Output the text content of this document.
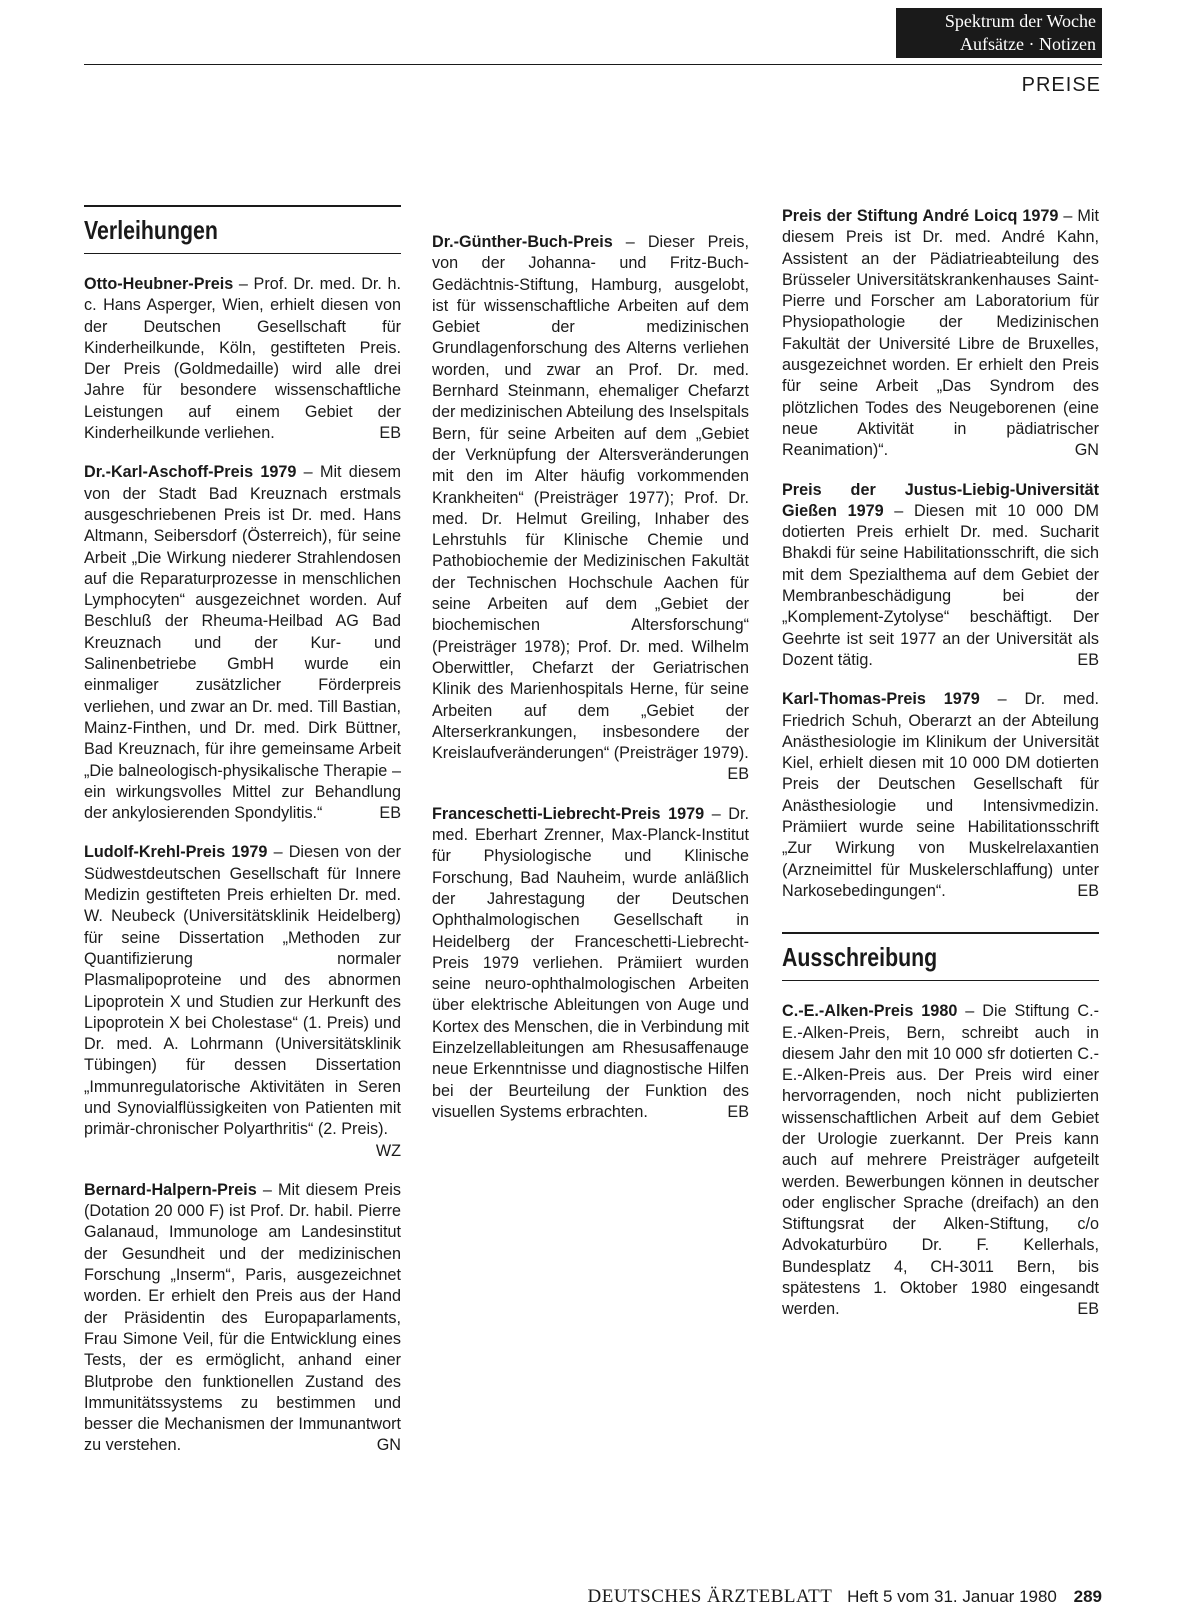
Spektrum der Woche
Aufsätze · Notizen
PREISE
Verleihungen

Otto-Heubner-Preis – Prof. Dr. med. Dr. h. c. Hans Asperger, Wien, erhielt diesen von der Deutschen Gesellschaft für Kinderheilkunde, Köln, gestifteten Preis. Der Preis (Goldmedaille) wird alle drei Jahre für besondere wissenschaftliche Leistungen auf einem Gebiet der Kinderheilkunde verliehen.	EB

Dr.-Karl-Aschoff-Preis 1979 – Mit diesem von der Stadt Bad Kreuznach erstmals ausgeschriebenen Preis ist Dr. med. Hans Altmann, Seibersdorf (Österreich), für seine Arbeit „Die Wirkung niederer Strahlendosen auf die Reparaturprozesse in menschlichen Lymphocyten“ ausgezeichnet worden. Auf Beschluß der Rheuma-Heilbad AG Bad Kreuznach und der Kur- und Salinenbetriebe GmbH wurde ein einmaliger zusätzlicher Förderpreis verliehen, und zwar an Dr. med. Till Bastian, Mainz-Finthen, und Dr. med. Dirk Büttner, Bad Kreuznach, für ihre gemeinsame Arbeit „Die balneologisch-physikalische Therapie – ein wirkungsvolles Mittel zur Behandlung der ankylosierenden Spondylitis.“	EB

Ludolf-Krehl-Preis 1979 – Diesen von der Südwestdeutschen Gesellschaft für Innere Medizin gestifteten Preis erhielten Dr. med. W. Neubeck (Universitätsklinik Heidelberg) für seine Dissertation „Methoden zur Quantifizierung normaler Plasmalipoproteine und des abnormen Lipoprotein X und Studien zur Herkunft des Lipoprotein X bei Cholestase“ (1. Preis) und Dr. med. A. Lohrmann (Universitätsklinik Tübingen) für dessen Dissertation „Immunregulatorische Aktivitäten in Seren und Synovialflüssigkeiten von Patienten mit primär-chronischer Polyarthritis“ (2. Preis).
WZ

Bernard-Halpern-Preis – Mit diesem Preis (Dotation 20 000 F) ist Prof. Dr. habil. Pierre Galanaud, Immunologe am Landesinstitut der Gesundheit und der medizinischen Forschung „Inserm“, Paris, ausgezeichnet worden. Er erhielt den Preis aus der Hand der Präsidentin des Europaparlaments, Frau Simone Veil, für die Entwicklung eines Tests, der es ermöglicht, anhand einer Blutprobe den funktionellen Zustand des Immunitätssystems zu bestimmen und besser die Mechanismen der Immunantwort zu verstehen.	GN

Dr.-Günther-Buch-Preis – Dieser Preis, von der Johanna- und Fritz-Buch-Gedächtnis-Stiftung, Hamburg, ausgelobt, ist für wissenschaftliche Arbeiten auf dem Gebiet der medizinischen Grundlagenforschung des Alterns verliehen worden, und zwar an Prof. Dr. med. Bernhard Steinmann, ehemaliger Chefarzt der medizinischen Abteilung des Inselspitals Bern, für seine Arbeiten auf dem „Gebiet der Verknüpfung der Altersveränderungen mit den im Alter häufig vorkommenden Krankheiten“ (Preisträger 1977); Prof. Dr. med. Dr. Helmut Greiling, Inhaber des Lehrstuhls für Klinische Chemie und Pathobiochemie der Medizinischen Fakultät der Technischen Hochschule Aachen für seine Arbeiten auf dem „Gebiet der biochemischen Altersforschung“ (Preisträger 1978); Prof. Dr. med. Wilhelm Oberwittler, Chefarzt der Geriatrischen Klinik des Marienhospitals Herne, für seine Arbeiten auf dem „Gebiet der Alterserkrankungen, insbesondere der Kreislaufveränderungen“ (Preisträger 1979).
EB

Franceschetti-Liebrecht-Preis 1979 – Dr. med. Eberhart Zrenner, Max-Planck-Institut für Physiologische und Klinische Forschung, Bad Nauheim, wurde anläßlich der Jahrestagung der Deutschen Ophthalmologischen Gesellschaft in Heidelberg der Franceschetti-Liebrecht-Preis 1979 verliehen. Prämiiert wurden seine neuro-ophthalmologischen Arbeiten über elektrische Ableitungen von Auge und Kortex des Menschen, die in Verbindung mit Einzelzellableitungen am Rhesusaffenauge neue Erkenntnisse und diagnostische Hilfen bei der Beurteilung der Funktion des visuellen Systems erbrachten.	EB

Preis der Stiftung André Loicq 1979 – Mit diesem Preis ist Dr. med. André Kahn, Assistent an der Pädiatrieabteilung des Brüsseler Universitätskrankenhauses Saint-Pierre und Forscher am Laboratorium für Physiopathologie der Medizinischen Fakultät der Université Libre de Bruxelles, ausgezeichnet worden. Er erhielt den Preis für seine Arbeit „Das Syndrom des plötzlichen Todes des Neugeborenen (eine neue Aktivität in pädiatrischer Reanimation)“.	GN

Preis der Justus-Liebig-Universität Gießen 1979 – Diesen mit 10 000 DM dotierten Preis erhielt Dr. med. Sucharit Bhakdi für seine Habilitationsschrift, die sich mit dem Spezialthema auf dem Gebiet der Membranbeschädigung bei der „Komplement-Zytolyse“ beschäftigt. Der Geehrte ist seit 1977 an der Universität als Dozent tätig.	EB

Karl-Thomas-Preis 1979 – Dr. med. Friedrich Schuh, Oberarzt an der Abteilung Anästhesiologie im Klinikum der Universität Kiel, erhielt diesen mit 10 000 DM dotierten Preis der Deutschen Gesellschaft für Anästhesiologie und Intensivmedizin. Prämiiert wurde seine Habilitationsschrift „Zur Wirkung von Muskelrelaxantien (Arzneimittel für Muskelerschlaffung) unter Narkosebedingungen“.	EB

Ausschreibung

C.-E.-Alken-Preis 1980 – Die Stiftung C.-E.-Alken-Preis, Bern, schreibt auch in diesem Jahr den mit 10 000 sfr dotierten C.-E.-Alken-Preis aus. Der Preis wird einer hervorragenden, noch nicht publizierten wissenschaftlichen Arbeit auf dem Gebiet der Urologie zuerkannt. Der Preis kann auch auf mehrere Preisträger aufgeteilt werden. Bewerbungen können in deutscher oder englischer Sprache (dreifach) an den Stiftungsrat der Alken-Stiftung, c/o Advokaturbüro Dr. F. Kellerhals, Bundesplatz 4, CH-3011 Bern, bis spätestens 1. Oktober 1980 eingesandt werden.	EB

DEUTSCHES ÄRZTEBLATT Heft 5 vom 31. Januar 1980 289
